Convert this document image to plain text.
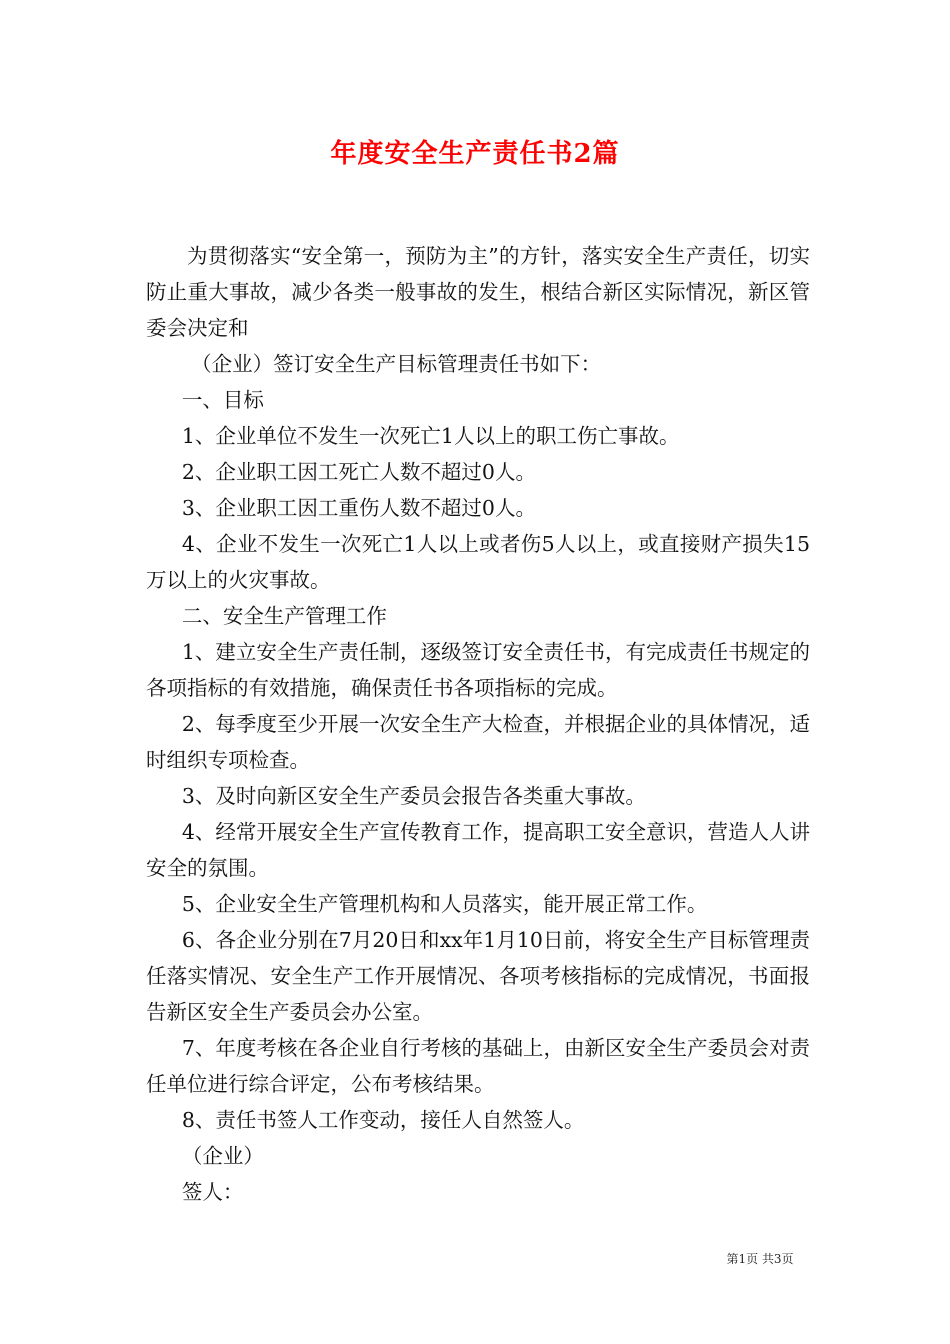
年度安全生产责任书2篇

为贯彻落实“安全第一，预防为主”的方针，落实安全生产责任，切实防止重大事故，减少各类一般事故的发生，根结合新区实际情况，新区管委会决定和

（企业）签订安全生产目标管理责任书如下：

一、目标

1、企业单位不发生一次死亡1人以上的职工伤亡事故。

2、企业职工因工死亡人数不超过0人。

3、企业职工因工重伤人数不超过0人。

4、企业不发生一次死亡1人以上或者伤5人以上，或直接财产损失15万以上的火灾事故。

二、安全生产管理工作

1、建立安全生产责任制，逐级签订安全责任书，有完成责任书规定的各项指标的有效措施，确保责任书各项指标的完成。

2、每季度至少开展一次安全生产大检查，并根据企业的具体情况，适时组织专项检查。

3、及时向新区安全生产委员会报告各类重大事故。

4、经常开展安全生产宣传教育工作，提高职工安全意识，营造人人讲安全的氛围。

5、企业安全生产管理机构和人员落实，能开展正常工作。

6、各企业分别在7月20日和xx年1月10日前，将安全生产目标管理责任落实情况、安全生产工作开展情况、各项考核指标的完成情况，书面报告新区安全生产委员会办公室。

7、年度考核在各企业自行考核的基础上，由新区安全生产委员会对责任单位进行综合评定，公布考核结果。

8、责任书签人工作变动，接任人自然签人。

（企业）

签人：

第1页 共3页
